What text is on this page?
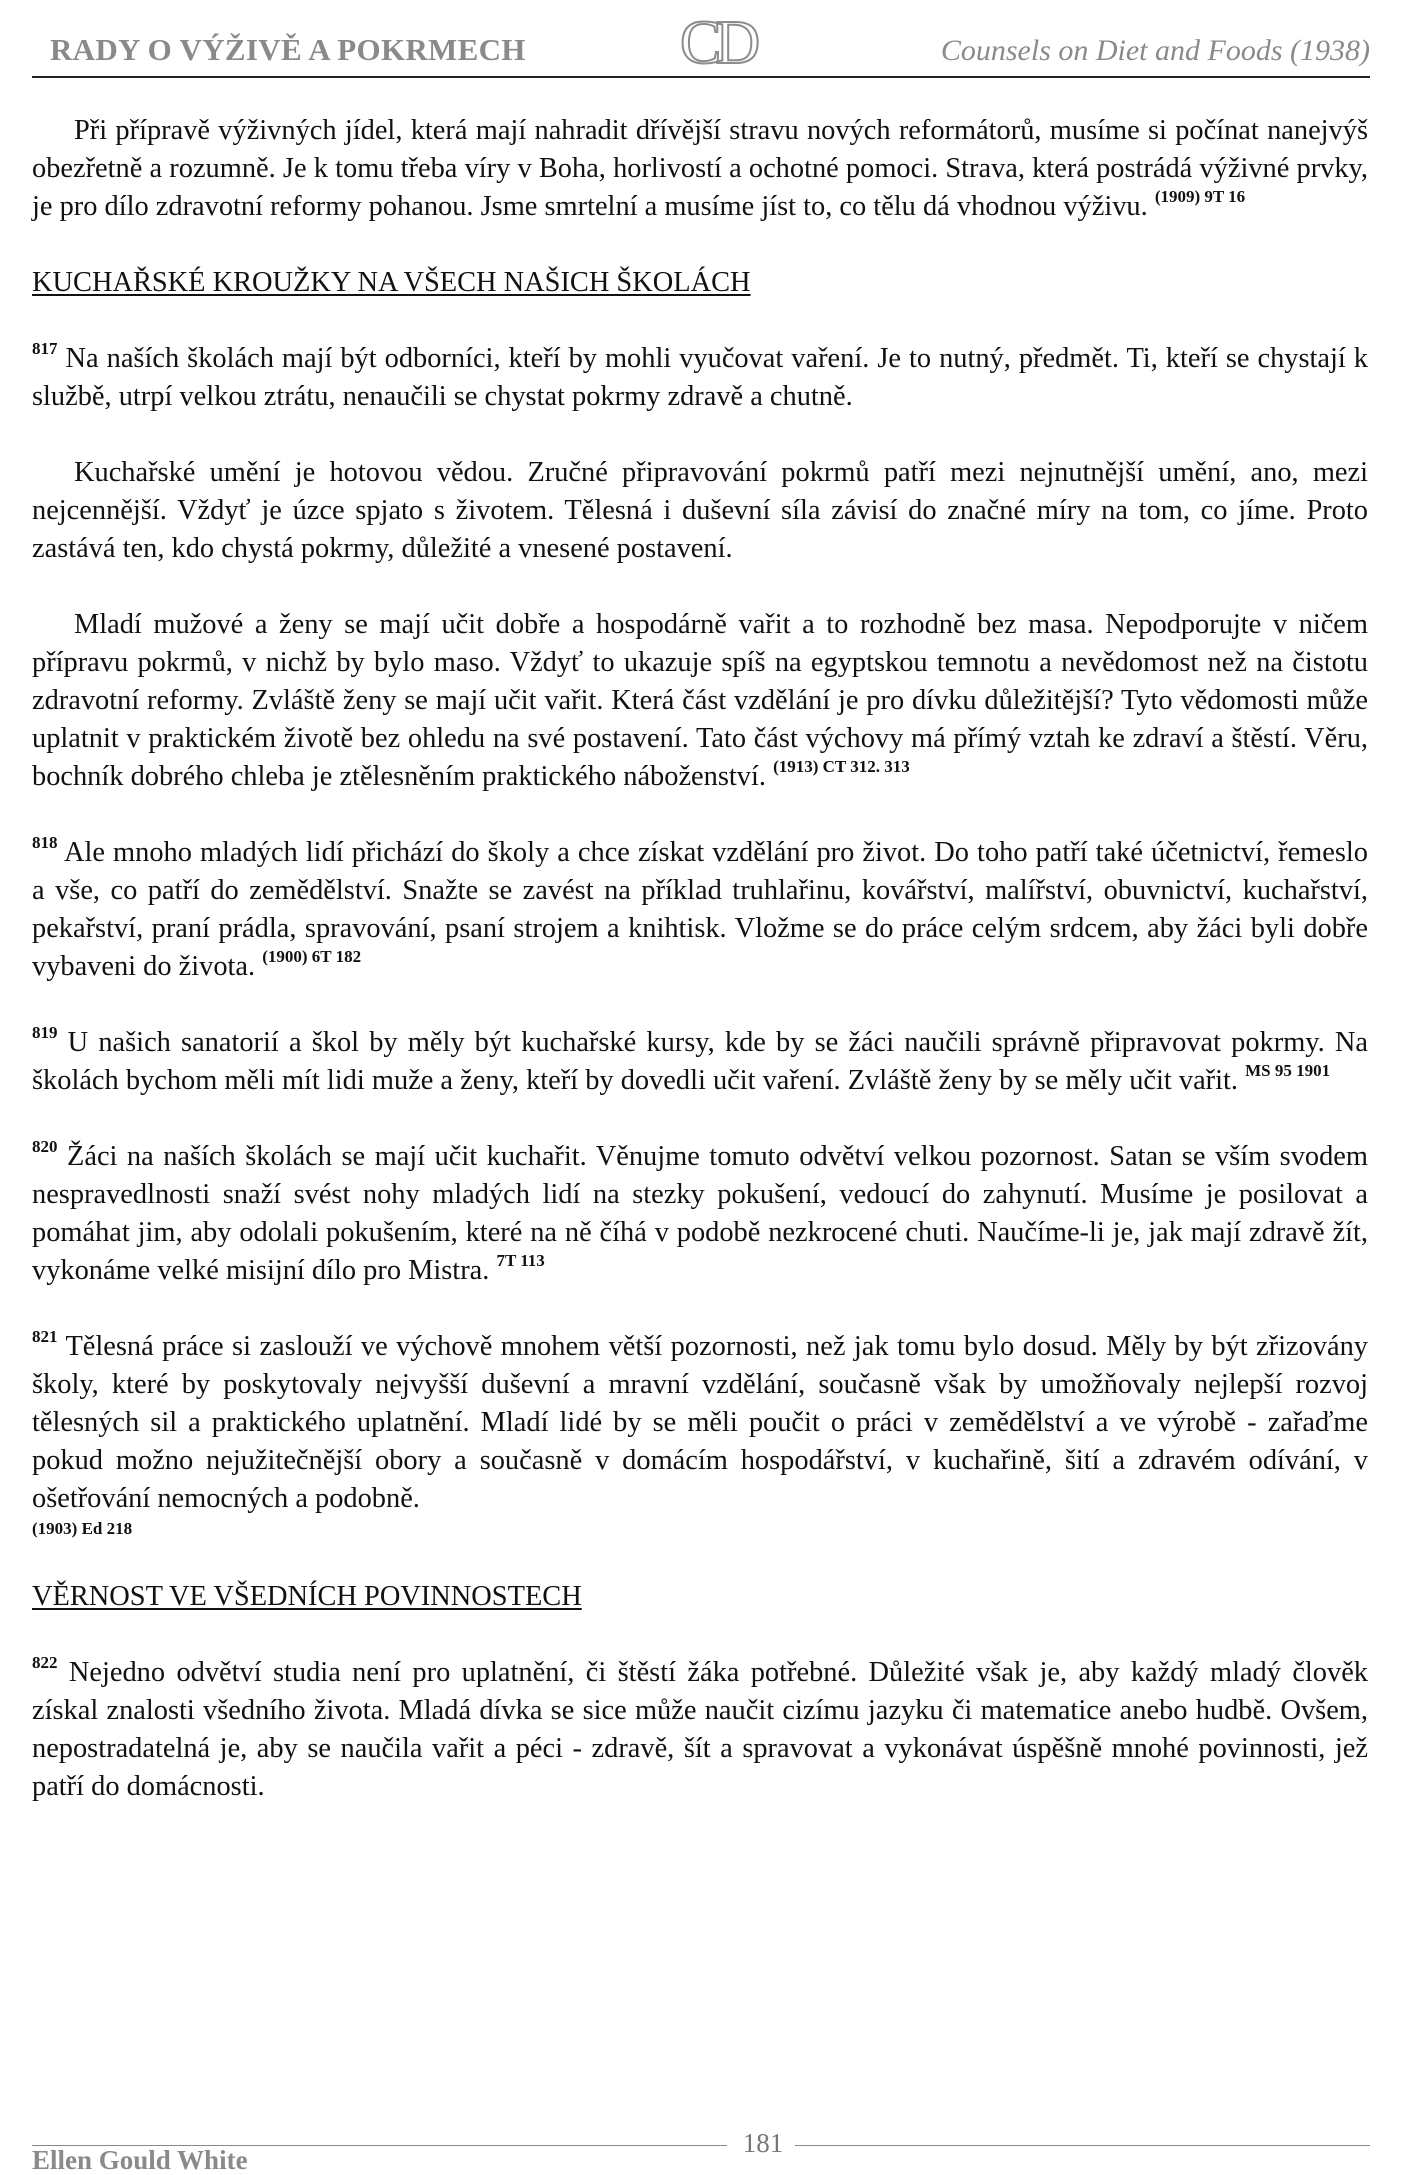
RADY O VÝŽIVĚ A POKRMECH CD	Counsels on Diet and Foods (1938)

Při přípravě výživných jídel, která mají nahradit dřívější stravu nových reformátorů, musíme si počínat nanejvýš obezřetně a rozumně. Je k tomu třeba víry v Boha, horlivostí a ochotné pomoci. Strava, která postrádá výživné prvky, je pro dílo zdravotní reformy pohanou. Jsme smrtelní a musíme jíst to, co tělu dá vhodnou výživu. $^{(1909) 9T 16}$

KUCHAŘSKÉ KROUŽKY NA VŠECH NAŠICH ŠKOLÁCH

$^{817}$ Na naších školách mají být odborníci, kteří by mohli vyučovat vaření. Je to nutný, předmět. Ti, kteří se chystají k službě, utrpí velkou ztrátu, nenaučili se chystat pokrmy zdravě a chutně.

Kuchařské umění je hotovou vědou. Zručné připravování pokrmů patří mezi nejnutnější umění, ano, mezi nejcennější. Vždyť je úzce spjato s životem. Tělesná i duševní síla závisí do značné míry na tom, co jíme. Proto zastává ten, kdo chystá pokrmy, důležité a vnesené postavení.

Mladí mužové a ženy se mají učit dobře a hospodárně vařit a to rozhodně bez masa. Nepodporujte v ničem přípravu pokrmů, v nichž by bylo maso. Vždyť to ukazuje spíš na egyptskou temnotu a nevědomost než na čistotu zdravotní reformy. Zvláště ženy se mají učit vařit. Která část vzdělání je pro dívku důležitější? Tyto vědomosti může uplatnit v praktickém životě bez ohledu na své postavení. Tato část výchovy má přímý vztah ke zdraví a štěstí. Věru, bochník dobrého chleba je ztělesněním praktického náboženství. $^{(1913) CT 312. 313}$

$^{818}$ Ale mnoho mladých lidí přichází do školy a chce získat vzdělání pro život. Do toho patří také účetnictví, řemeslo a vše, co patří do zemědělství. Snažte se zavést na příklad truhlařinu, kovářství, malířství, obuvnictví, kuchařství, pekařství, praní prádla, spravování, psaní strojem a knihtisk. Vložme se do práce celým srdcem, aby žáci byli dobře vybaveni do života. $^{(1900) 6T 182}$

$^{819}$ U našich sanatorií a škol by měly být kuchařské kursy, kde by se žáci naučili správně připravovat pokrmy. Na školách bychom měli mít lidi muže a ženy, kteří by dovedli učit vaření. Zvláště ženy by se měly učit vařit. $^{MS 95 1901}$

$^{820}$ Žáci na naších školách se mají učit kuchařit. Věnujme tomuto odvětví velkou pozornost. Satan se vším svodem nespravedlnosti snaží svést nohy mladých lidí na stezky pokušení, vedoucí do zahynutí. Musíme je posilovat a pomáhat jim, aby odolali pokušením, které na ně číhá v podobě nezkrocené chuti. Naučíme-li je, jak mají zdravě žít, vykonáme velké misijní dílo pro Mistra. $^{7T 113}$

$^{821}$ Tělesná práce si zaslouží ve výchově mnohem větší pozornosti, než jak tomu bylo dosud. Měly by být zřizovány školy, které by poskytovaly nejvyšší duševní a mravní vzdělání, současně však by umožňovaly nejlepší rozvoj tělesných sil a praktického uplatnění. Mladí lidé by se měli poučit o práci v zemědělství a ve výrobě - zařaďme pokud možno nejužitečnější obory a současně v domácím hospodářství, v kuchařině, šití a zdravém odívání, v ošetřování nemocných a podobně.
(1903) Ed 218

VĚRNOST VE VŠEDNÍCH POVINNOSTECH

$^{822}$ Nejedno odvětví studia není pro uplatnění, či štěstí žáka potřebné. Důležité však je, aby každý mladý člověk získal znalosti všedního života. Mladá dívka se sice může naučit cizímu jazyku či matematice anebo hudbě. Ovšem, nepostradatelná je, aby se naučila vařit a péci - zdravě, šít a spravovat a vykonávat úspěšně mnohé povinnosti, jež patří do domácnosti.

181
Ellen Gould White
